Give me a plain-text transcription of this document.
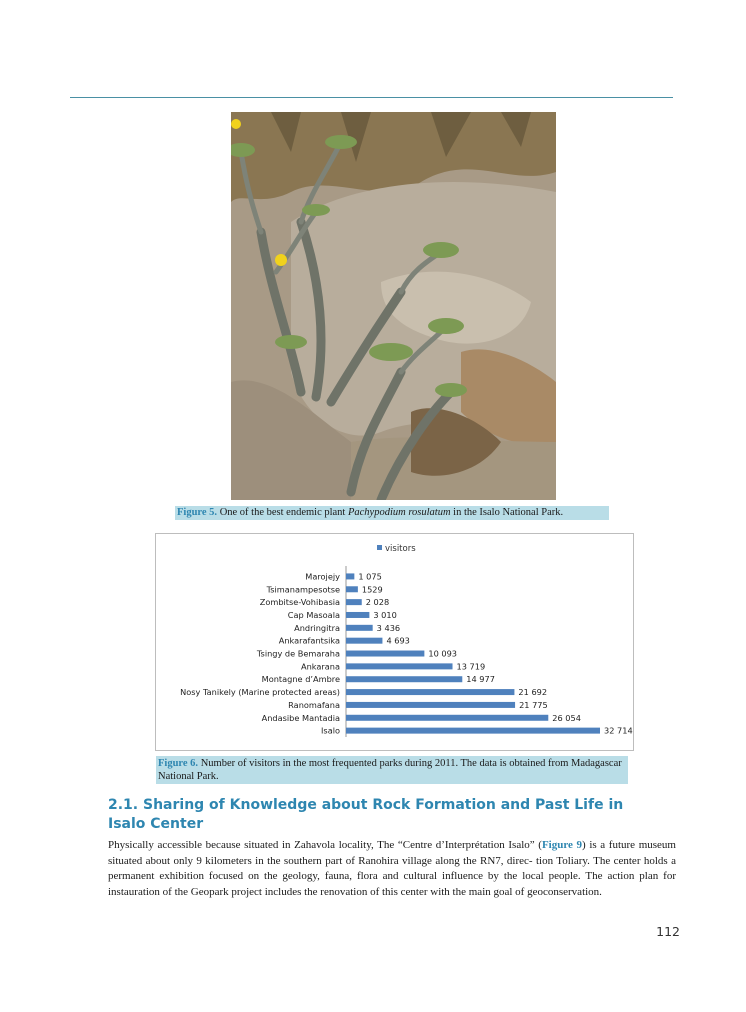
Figure 5. One of the best endemic plant Pachypodium rosulatum in the Isalo National Park.
visitors
Marojejy 1 075
Tsimanampesotse	1529
Zombitse-Vohibasia	2 028
Cap Masoala	3 010
Andringitra	3 436
Ankarafantsika	4 693
Tsingy de Bemaraha	10 093
Ankarana	13 719
Montagne d’Ambre	14 977
Nosy Tanikely (Marine protected areas)	21 692
Ranomafana	21 775
Andasibe Mantadia	26 054
Isalo	32 714
Figure 6. Number of visitors in the most frequented parks during 2011. The data is obtained from Madagascar National Park.
2.1. Sharing of Knowledge about Rock Formation and Past Life in Isalo Center
Physically accessible because situated in Zahavola locality, The “Centre d’Interprétation Isalo” (Figure 9) is a future museum situated about only 9 kilometers in the southern part of Ranohira village along the RN7, direc- tion Toliary. The center holds a permanent exhibition focused on the geology, fauna, flora and cultural influence by the local people. The action plan for instauration of the Geopark project includes the renovation of this center with the main goal of geoconservation.
112
